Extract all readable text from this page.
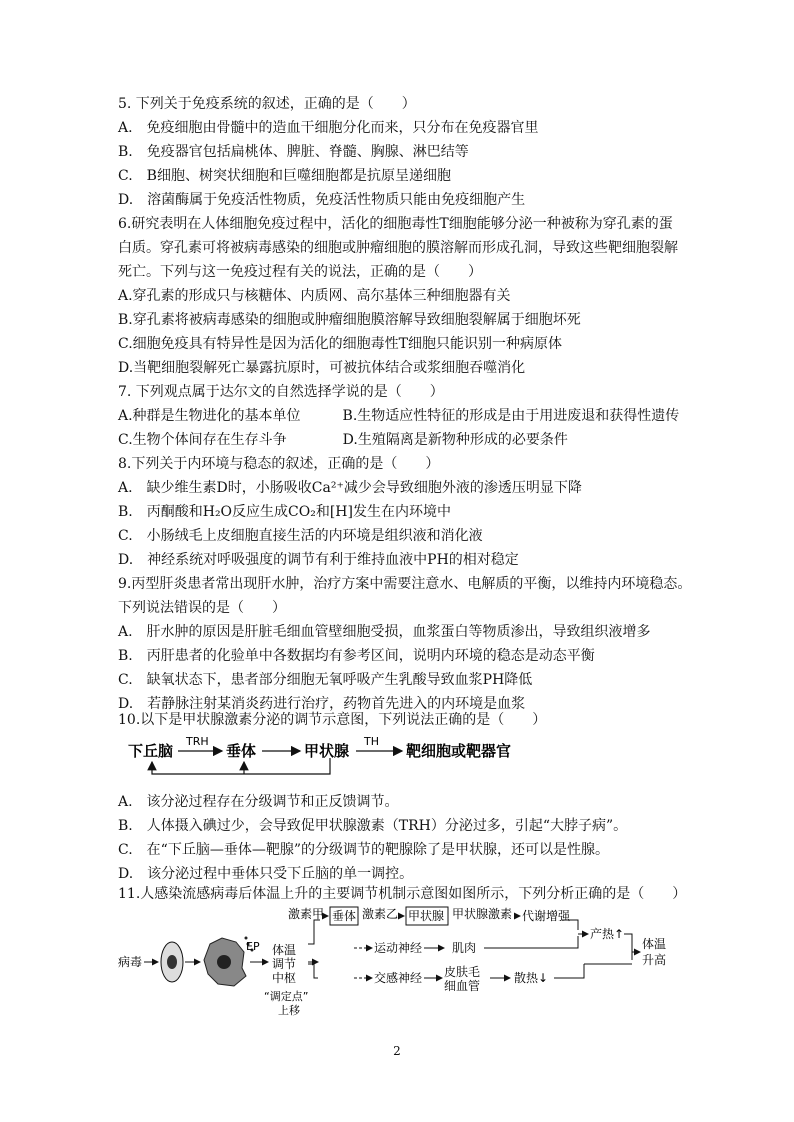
5. 下列关于免疫系统的叙述，正确的是（　　）
A.　免疫细胞由骨髓中的造血干细胞分化而来，只分布在免疫器官里
B.　免疫器官包括扁桃体、脾脏、脊髓、胸腺、淋巴结等
C.　B细胞、树突状细胞和巨噬细胞都是抗原呈递细胞
D.　溶菌酶属于免疫活性物质，免疫活性物质只能由免疫细胞产生
6.研究表明在人体细胞免疫过程中，活化的细胞毒性T细胞能够分泌一种被称为穿孔素的蛋
白质。穿孔素可将被病毒感染的细胞或肿瘤细胞的膜溶解而形成孔洞，导致这些靶细胞裂解
死亡。下列与这一免疫过程有关的说法，正确的是（　　）
A.穿孔素的形成只与核糖体、内质网、高尔基体三种细胞器有关
B.穿孔素将被病毒感染的细胞或肿瘤细胞膜溶解导致细胞裂解属于细胞坏死
C.细胞免疫具有特异性是因为活化的细胞毒性T细胞只能识别一种病原体
D.当靶细胞裂解死亡暴露抗原时，可被抗体结合或浆细胞吞噬消化
7. 下列观点属于达尔文的自然选择学说的是（　　）
A.种群是生物进化的基本单位　　　B.生物适应性特征的形成是由于用进废退和获得性遗传
C.生物个体间存在生存斗争　　　　D.生殖隔离是新物种形成的必要条件
8.下列关于内环境与稳态的叙述，正确的是（　　）
A.　缺少维生素D时，小肠吸收Ca²⁺减少会导致细胞外液的渗透压明显下降
B.　丙酮酸和H₂O反应生成CO₂和[H]发生在内环境中
C.　小肠绒毛上皮细胞直接生活的内环境是组织液和消化液
D.　神经系统对呼吸强度的调节有利于维持血液中PH的相对稳定
9.丙型肝炎患者常出现肝水肿，治疗方案中需要注意水、电解质的平衡，以维持内环境稳态。
下列说法错误的是（　　）
A.　肝水肿的原因是肝脏毛细血管壁细胞受损，血浆蛋白等物质渗出，导致组织液增多
B.　丙肝患者的化验单中各数据均有参考区间，说明内环境的稳态是动态平衡
C.　缺氧状态下，患者部分细胞无氧呼吸产生乳酸导致血浆PH降低
D.　若静脉注射某消炎药进行治疗，药物首先进入的内环境是血浆
10.以下是甲状腺激素分泌的调节示意图，下列说法正确的是（　　）
下丘脑
TRH
垂体	甲状腺
TH
靶细胞或靶器官
A.　该分泌过程存在分级调节和正反馈调节。
B.　人体摄入碘过少，会导致促甲状腺激素（TRH）分泌过多，引起“大脖子病”。
C.　在“下丘脑—垂体—靶腺”的分级调节的靶腺除了是甲状腺，还可以是性腺。
D.　该分泌过程中垂体只受下丘脑的单一调控。
11.人感染流感病毒后体温上升的主要调节机制示意图如图所示，下列分析正确的是（　　）
病毒
EP 体温
调节
中枢
“调定点”
上移
激素甲 垂体 激素乙 甲状腺 甲状腺激素 代谢增强
运动神经 肌肉
产热↑
交感神经 皮肤毛
细血管
散热↓
体温
升高
2
